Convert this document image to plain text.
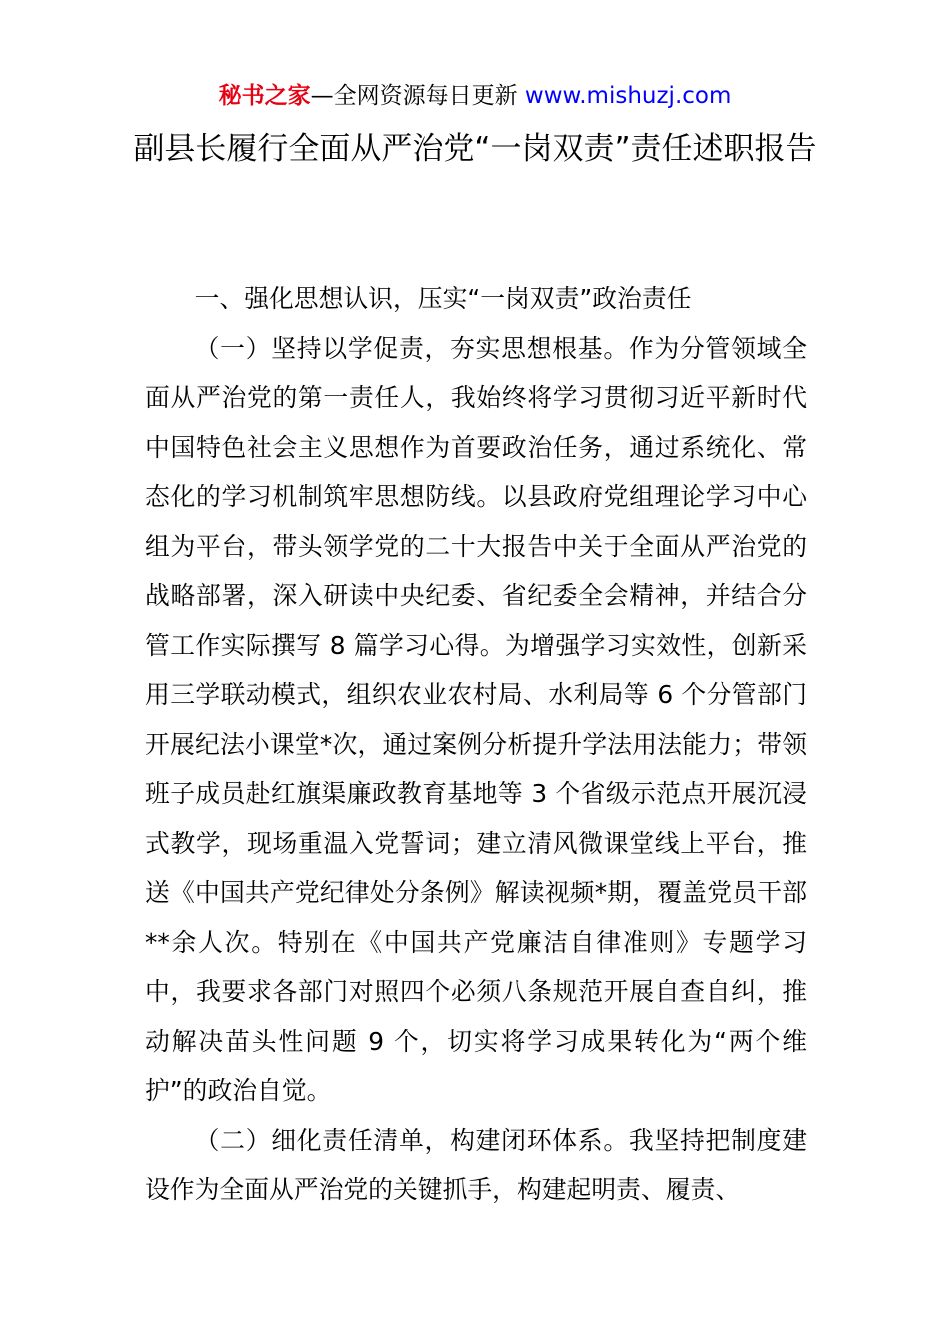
秘书之家—全网资源每日更新 www.mishuzj.com
副县长履行全面从严治党“一岗双责”责任述职报告

一、强化思想认识，压实“一岗双责”政治责任

（一）坚持以学促责，夯实思想根基。作为分管领域全面从严治党的第一责任人，我始终将学习贯彻习近平新时代中国特色社会主义思想作为首要政治任务，通过系统化、常态化的学习机制筑牢思想防线。以县政府党组理论学习中心组为平台，带头领学党的二十大报告中关于全面从严治党的战略部署，深入研读中央纪委、省纪委全会精神，并结合分管工作实际撰写 8 篇学习心得。为增强学习实效性，创新采用三学联动模式，组织农业农村局、水利局等 6 个分管部门开展纪法小课堂*次，通过案例分析提升学法用法能力；带领班子成员赴红旗渠廉政教育基地等 3 个省级示范点开展沉浸式教学，现场重温入党誓词；建立清风微课堂线上平台，推送《中国共产党纪律处分条例》解读视频*期，覆盖党员干部**余人次。特别在《中国共产党廉洁自律准则》专题学习中，我要求各部门对照四个必须八条规范开展自查自纠，推动解决苗头性问题 9 个，切实将学习成果转化为“两个维护”的政治自觉。

（二）细化责任清单，构建闭环体系。我坚持把制度建设作为全面从严治党的关键抓手，构建起明责、履责、
